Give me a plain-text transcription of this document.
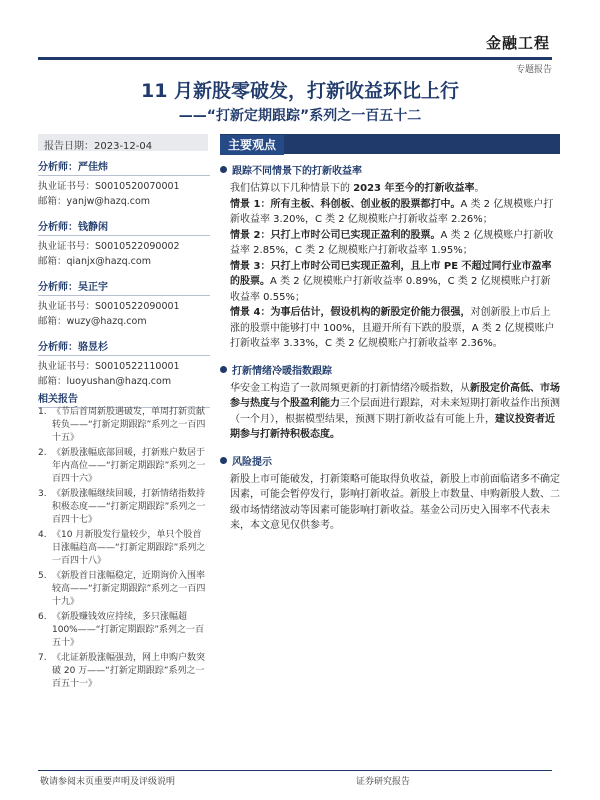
金融工程
专题报告
11 月新股零破发，打新收益环比上行
——“打新定期跟踪”系列之一百五十二
报告日期：2023-12-04
分析师：严佳炜
执业证书号：S0010520070001
邮箱：yanjw@hazq.com
分析师：钱静闲
执业证书号：S0010522090002
邮箱：qianjx@hazq.com
分析师：吴正宇
执业证书号：S0010522090001
邮箱：wuzy@hazq.com
分析师：骆昱杉
执业证书号：S0010522110001
邮箱：luoyushan@hazq.com
相关报告
1. 《节后首周新股遇破发，单周打新贡献转负——“打新定期跟踪”系列之一百四十五》
2. 《新股涨幅底部回暖，打新账户数居于年内高位——“打新定期跟踪”系列之一百四十六》
3. 《新股涨幅继续回暖，打新情绪指数持积极态度——“打新定期跟踪”系列之一百四十七》
4. 《10 月新股发行量较少，单只个股首日涨幅趋高——“打新定期跟踪”系列之一百四十八》
5. 《新股首日涨幅稳定，近期询价入围率较高——“打新定期跟踪”系列之一百四十九》
6. 《新股赚钱效应持续，多只涨幅超100%——“打新定期跟踪”系列之一百五十》
7. 《北证新股涨幅强劲，网上申购户数突破 20 万——“打新定期跟踪”系列之一百五十一》
主要观点
跟踪不同情景下的打新收益率

我们估算以下几种情景下的 2023 年至今的打新收益率。

情景 1：所有主板、科创板、创业板的股票都打中。A 类 2 亿规模账户打新收益率 3.20%，C 类 2 亿规模账户打新收益率 2.26%；

情景 2：只打上市时公司已实现正盈利的股票。A 类 2 亿规模账户打新收益率 2.85%，C 类 2 亿规模账户打新收益率 1.95%；

情景 3：只打上市时公司已实现正盈利，且上市 PE 不超过同行业市盈率的股票。A 类 2 亿规模账户打新收益率 0.89%，C 类 2 亿规模账户打新收益率 0.55%；

情景 4：为事后估计，假设机构的新股定价能力很强，对创新股上市后上涨的股票中能够打中 100%，且避开所有下跌的股票，A 类 2 亿规模账户打新收益率 3.33%，C 类 2 亿规模账户打新收益率 2.36%。

打新情绪冷暖指数跟踪

华安金工构造了一款周频更新的打新情绪冷暖指数，从新股定价高低、市场参与热度与个股盈利能力三个层面进行跟踪，对未来短期打新收益作出预测（一个月），根据模型结果，预测下期打新收益有可能上升，建议投资者近期参与打新持积极态度。

风险提示

新股上市可能破发，打新策略可能取得负收益，新股上市前面临诸多不确定因素，可能会暂停发行，影响打新收益。新股上市数量、申购新股人数、二级市场情绪波动等因素可能影响打新收益。基金公司历史入围率不代表未来，本文意见仅供参考。

敬请参阅末页重要声明及评级说明	证券研究报告
